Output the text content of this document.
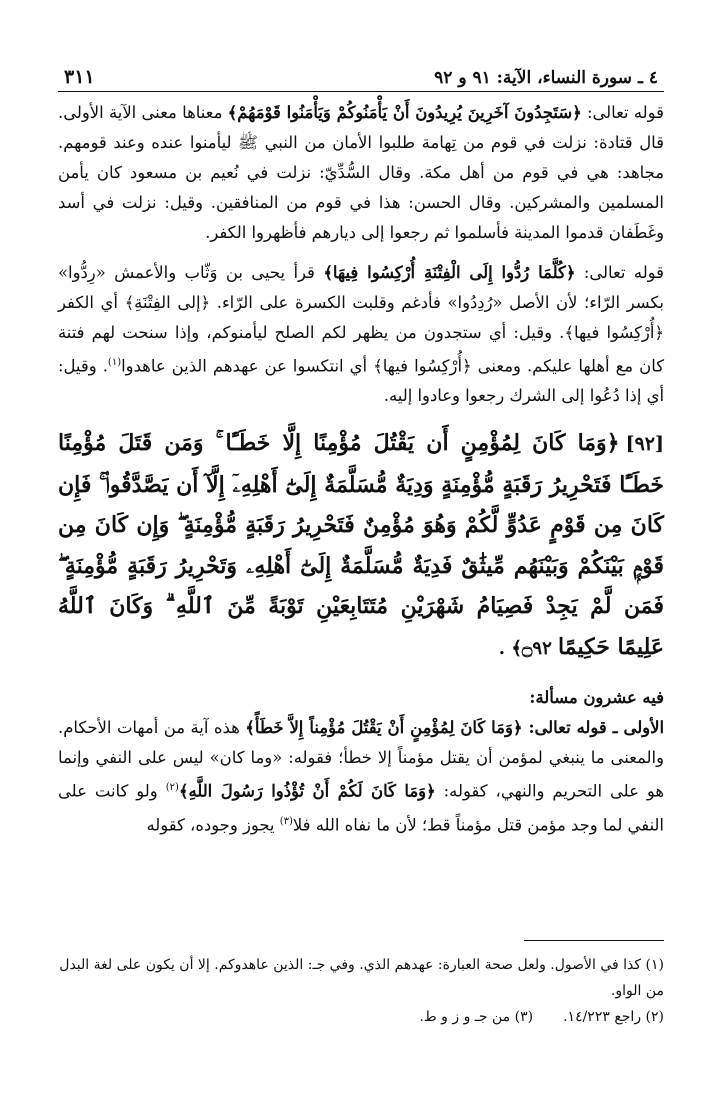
٤ ـ سورة النساء، الآية: ٩١ و ٩٢
٣١١

قوله تعالى: ﴿سَتَجِدُونَ آخَرِينَ يُرِيدُونَ أَنْ يَأْمَنُوكُمْ وَيَأْمَنُوا قَوْمَهُمْ﴾ معناها معنى الآية الأولى. قال قتادة: نزلت في قوم من تِهامة طلبوا الأمان من النبي ﷺ ليأمنوا عنده وعند قومهم. مجاهد: هي في قوم من أهل مكة. وقال السُّدِّيّ: نزلت في نُعيم بن مسعود كان يأمن المسلمين والمشركين. وقال الحسن: هذا في قوم من المنافقين. وقيل: نزلت في أسد وغَطَفان قدموا المدينة فأسلموا ثم رجعوا إلى ديارهم فأظهروا الكفر.

قوله تعالى: ﴿كُلَّمَا رُدُّوا إِلَى الْفِتْنَةِ أُرْكِسُوا فِيهَا﴾ قرأ يحيى بن وَثّاب والأعمش «رِدُّوا» بكسر الرّاء؛ لأن الأصل «رُدِدُوا» فأدغم وقلبت الكسرة على الرّاء. ﴿إلى الفِتْنَةِ﴾ أي الكفر ﴿أُرْكِسُوا فيها﴾. وقيل: أي ستجدون من يظهر لكم الصلح ليأمنوكم، وإذا سنحت لهم فتنة كان مع أهلها عليكم. ومعنى ﴿أُرْكِسُوا فيها﴾ أي انتكسوا عن عهدهم الذين عاهدوا$^{(١)}$. وقيل: أي إذا دُعُوا إلى الشرك رجعوا وعادوا إليه.

[٩٢]﴿وَمَا كَانَ لِمُؤْمِنٍ أَن يَقْتُلَ مُؤْمِنًا إِلَّا خَطَـًٔا ۚ وَمَن قَتَلَ مُؤْمِنًا خَطَـًٔا فَتَحْرِيرُ رَقَبَةٍ مُّؤْمِنَةٍ وَدِيَةٌ مُّسَلَّمَةٌ إِلَىٰٓ أَهْلِهِۦٓ إِلَّآ أَن يَصَّدَّقُوا۟ ۚ فَإِن كَانَ مِن قَوْمٍ عَدُوٍّ لَّكُمْ وَهُوَ مُؤْمِنٌ فَتَحْرِيرُ رَقَبَةٍ مُّؤْمِنَةٍ ۖ وَإِن كَانَ مِن قَوْمٍۭ بَيْنَكُمْ وَبَيْنَهُم مِّيثَٰقٌ فَدِيَةٌ مُّسَلَّمَةٌ إِلَىٰٓ أَهْلِهِۦ وَتَحْرِيرُ رَقَبَةٍ مُّؤْمِنَةٍ ۖ فَمَن لَّمْ يَجِدْ فَصِيَامُ شَهْرَيْنِ مُتَتَابِعَيْنِ تَوْبَةً مِّنَ ٱللَّهِ ۗ وَكَانَ ٱللَّهُ عَلِيمًا حَكِيمًا ۝٩٢﴾ .
فيه عشرون مسألة:

الأولى ـ قوله تعالى: ﴿وَمَا كَانَ لِمُؤْمِنٍ أَنْ يَقْتُلَ مُؤْمِناً إِلاَّ خَطَأً﴾ هذه آية من أمهات الأحكام. والمعنى ما ينبغي لمؤمن أن يقتل مؤمناً إلا خطأ؛ فقوله: «وما كان» ليس على النفي وإنما هو على التحريم والنهي، كقوله: ﴿وَمَا كَانَ لَكُمْ أَنْ تُؤْذُوا رَسُولَ اللَّهِ﴾$^{(٢)}$ ولو كانت على النفي لما وجد مؤمن قتل مؤمناً قط؛ لأن ما نفاه الله فلا$^{(٣)}$ يجوز وجوده، كقوله

(١) كذا في الأصول. ولعل صحة العبارة: عهدهم الذي. وفي جـ: الذين عاهدوكم. إلا أن يكون على لغة البدل من الواو.
(٢) راجع ١٤/٢٢٣.
(٣) من جـ و ز و ط.
